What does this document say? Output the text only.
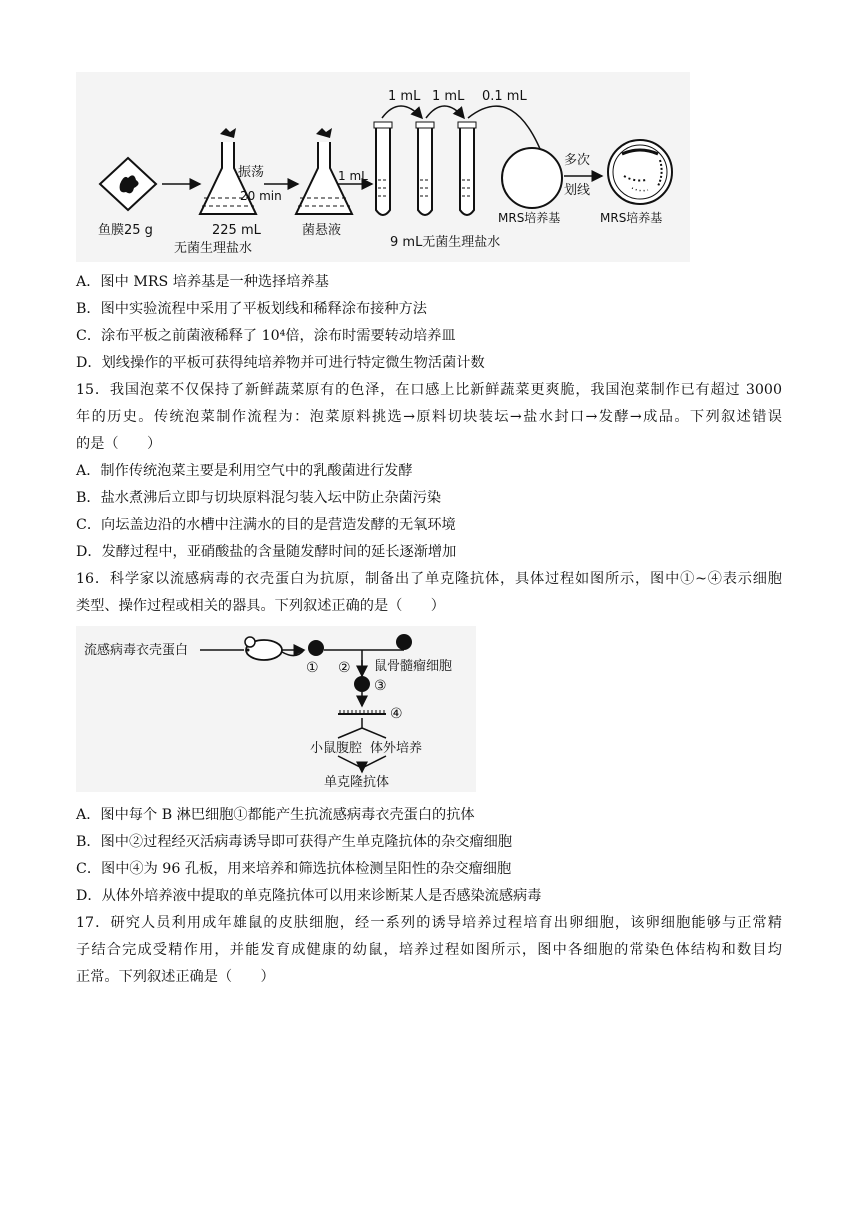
鱼膜25 g	225 mL
无菌生理盐水
振荡
20 min
菌悬液
1 mL
1 mL 1 mL 0.1 mL
9 mL无菌生理盐水
MRS培养基
多次
划线
MRS培养基
A．图中 MRS 培养基是一种选择培养基
B．图中实验流程中采用了平板划线和稀释涂布接种方法
C．涂布平板之前菌液稀释了 10⁴倍，涂布时需要转动培养皿
D．划线操作的平板可获得纯培养物并可进行特定微生物活菌计数
15．我国泡菜不仅保持了新鲜蔬菜原有的色泽，在口感上比新鲜蔬菜更爽脆，我国泡菜制作已有超过 3000
年的历史。传统泡菜制作流程为：泡菜原料挑选→原料切块装坛→盐水封口→发酵→成品。下列叙述错误
的是（　　）
A．制作传统泡菜主要是利用空气中的乳酸菌进行发酵
B．盐水煮沸后立即与切块原料混匀装入坛中防止杂菌污染
C．向坛盖边沿的水槽中注满水的目的是营造发酵的无氧环境
D．发酵过程中，亚硝酸盐的含量随发酵时间的延长逐渐增加
16．科学家以流感病毒的衣壳蛋白为抗原，制备出了单克隆抗体，具体过程如图所示，图中①~④表示细胞
类型、操作过程或相关的器具。下列叙述正确的是（　　）
流感病毒衣壳蛋白
① ② 鼠骨髓瘤细胞
③
④
小鼠腹腔 体外培养
单克隆抗体
A．图中每个 B 淋巴细胞①都能产生抗流感病毒衣壳蛋白的抗体
B．图中②过程经灭活病毒诱导即可获得产生单克隆抗体的杂交瘤细胞
C．图中④为 96 孔板，用来培养和筛选抗体检测呈阳性的杂交瘤细胞
D．从体外培养液中提取的单克隆抗体可以用来诊断某人是否感染流感病毒
17．研究人员利用成年雄鼠的皮肤细胞，经一系列的诱导培养过程培育出卵细胞，该卵细胞能够与正常精
子结合完成受精作用，并能发育成健康的幼鼠，培养过程如图所示，图中各细胞的常染色体结构和数目均
正常。下列叙述正确是（　　）
